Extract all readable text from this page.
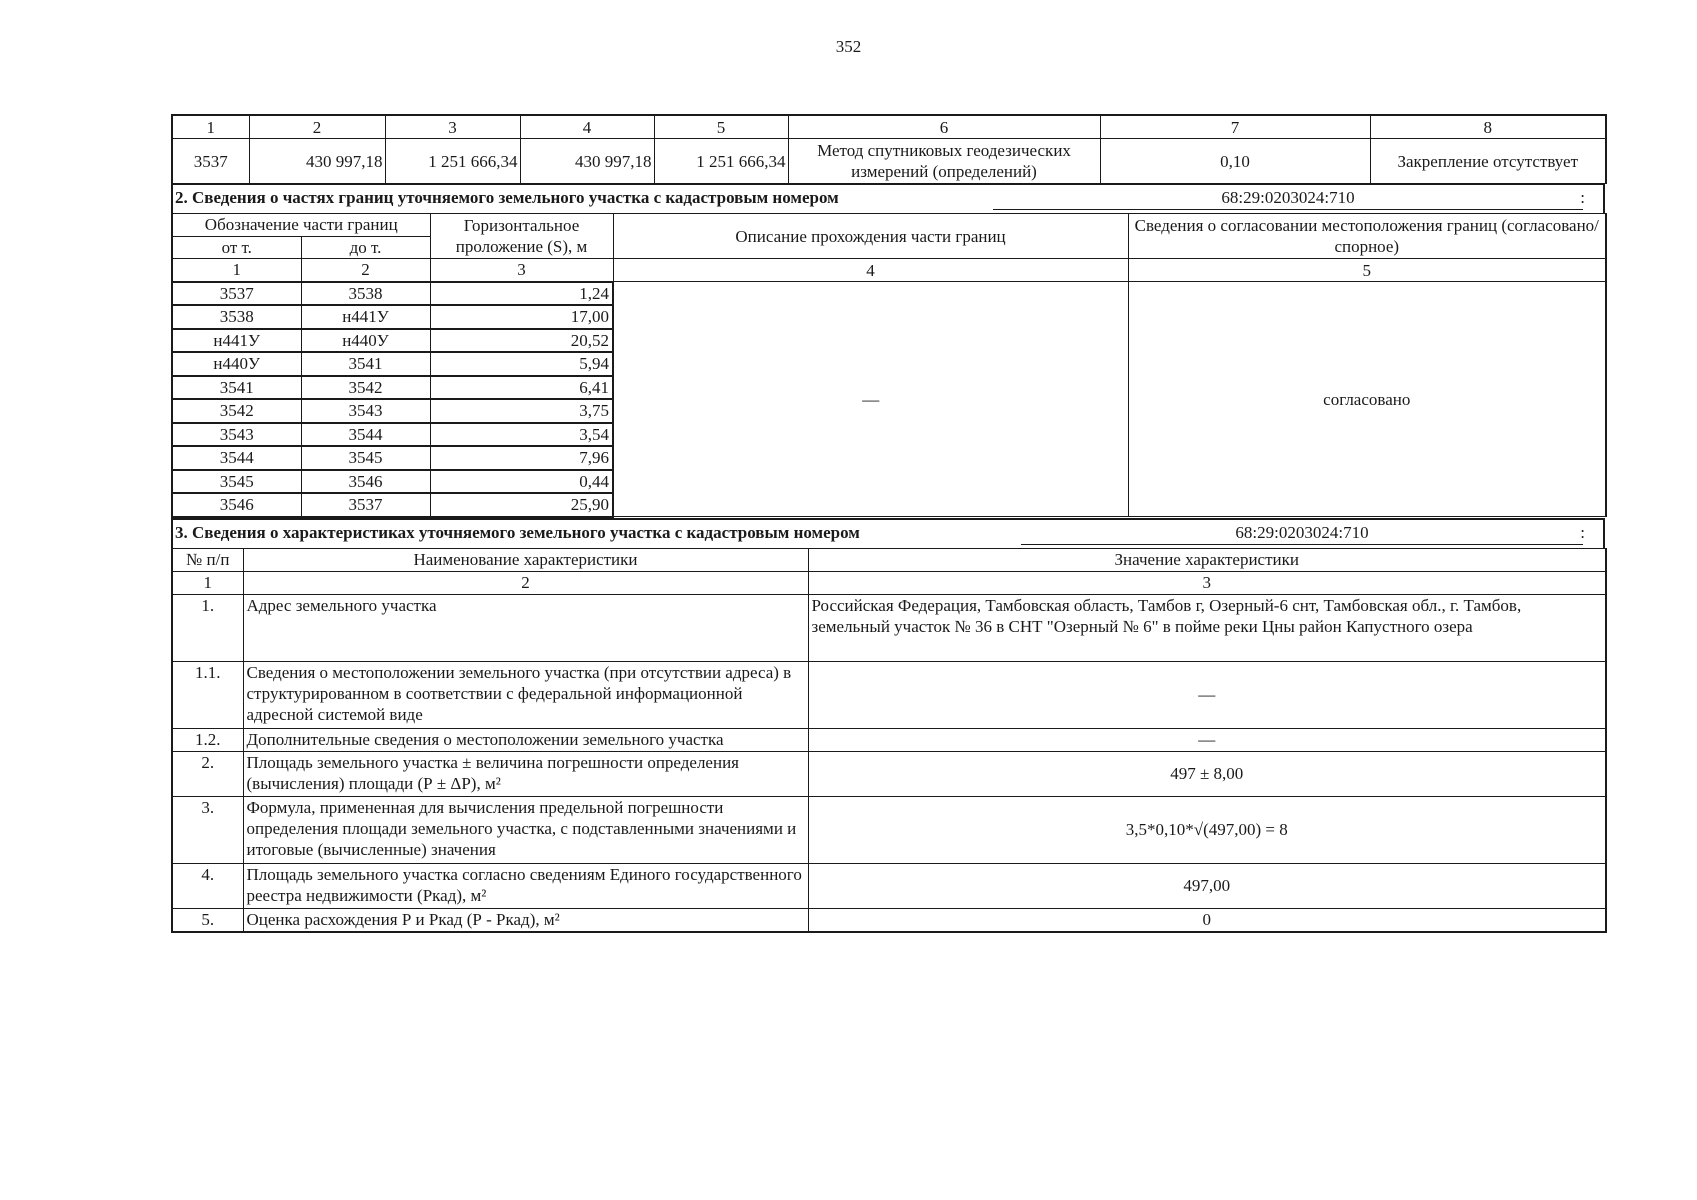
352
1	2	3	4	5	6	7	8
3537	430 997,18	1 251 666,34	430 997,18	1 251 666,34	Метод спутниковых геодезических
измерений (определений)	0,10	Закрепление отсутствует
2. Сведения о частях границ уточняемого земельного участка с кадастровым номером	68:29:0203024:710	:
Обозначение части границ		Горизонтальное проложение (S), м	Описание прохождения части границ	Сведения о согласовании местоположения границ (согласовано/спорное)
от т.	до т.			
1	2	3	4	5
3537	3538	1,24	—	согласовано
3538	н441У	17,00		
н441У	н440У	20,52		
н440У	3541	5,94		
3541	3542	6,41		
3542	3543	3,75		
3543	3544	3,54		
3544	3545	7,96		
3545	3546	0,44		
3546	3537	25,90		
3. Сведения о характеристиках уточняемого земельного участка с кадастровым номером	68:29:0203024:710	:
№ п/п	Наименование характеристики	Значение характеристики
1	2	3
1.	Адрес земельного участка	Российская Федерация, Тамбовская область, Тамбов г, Озерный-6 снт, Тамбовская обл., г. Тамбов, земельный участок № 36 в СНТ "Озерный № 6" в пойме реки Цны район Капустного озера
1.1.	Сведения о местоположении земельного участка (при отсутствии адреса) в структурированном в соответствии с федеральной информационной адресной системой виде	—
1.2.	Дополнительные сведения о местоположении земельного участка	—
2.	Площадь земельного участка ± величина погрешности определения (вычисления) площади (Р ± ΔР), м²	497 ± 8,00
3.	Формула, примененная для вычисления предельной погрешности определения площади земельного участка, с подставленными значениями и итоговые (вычисленные) значения	3,5*0,10*√(497,00) = 8
4.	Площадь земельного участка согласно сведениям Единого государственного реестра недвижимости (Ркад), м²	497,00
5.	Оценка расхождения Р и Ркад (Р - Ркад), м²	0
